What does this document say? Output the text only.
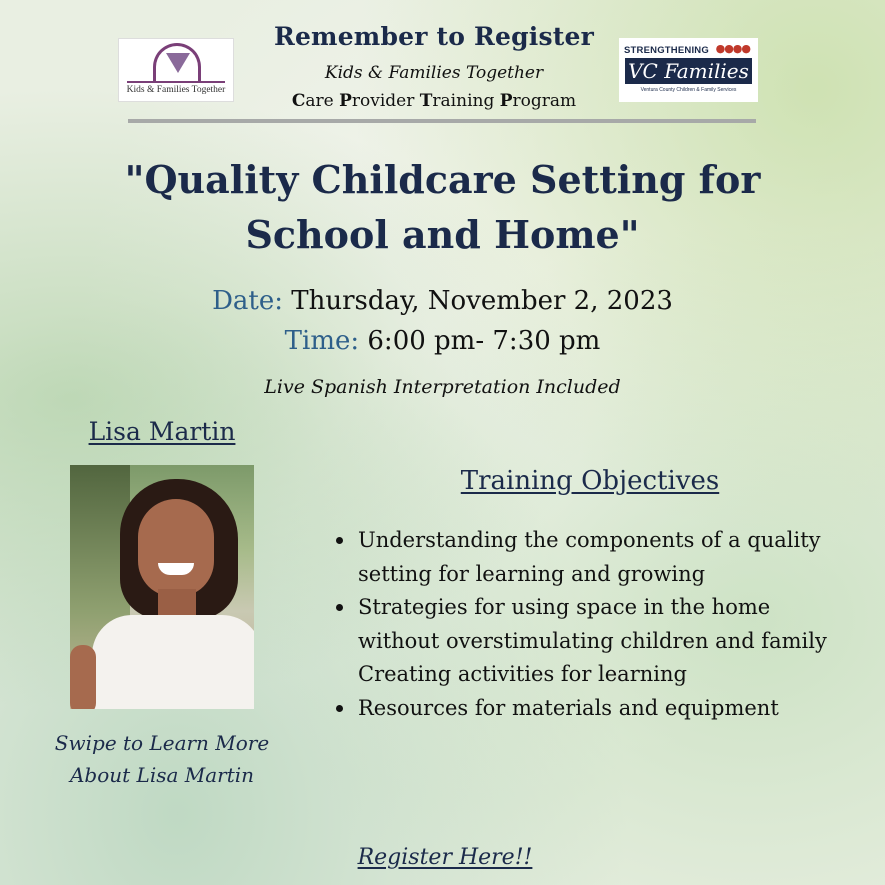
Kids & Families Together
STRENGTHENING ●●●●
VC Families
Ventura County Children & Family Services
Remember to Register
Kids & Families Together
Care Provider Training Program
"Quality Childcare Setting for School and Home"
Date: Thursday, November 2, 2023
Time: 6:00 pm- 7:30 pm
Live Spanish Interpretation Included
Lisa Martin
Swipe to Learn More
About Lisa Martin
Training Objectives
Understanding the components of a quality setting for learning and growing
Strategies for using space in the home without overstimulating children and family Creating activities for learning
Resources for materials and equipment
Register Here!!
